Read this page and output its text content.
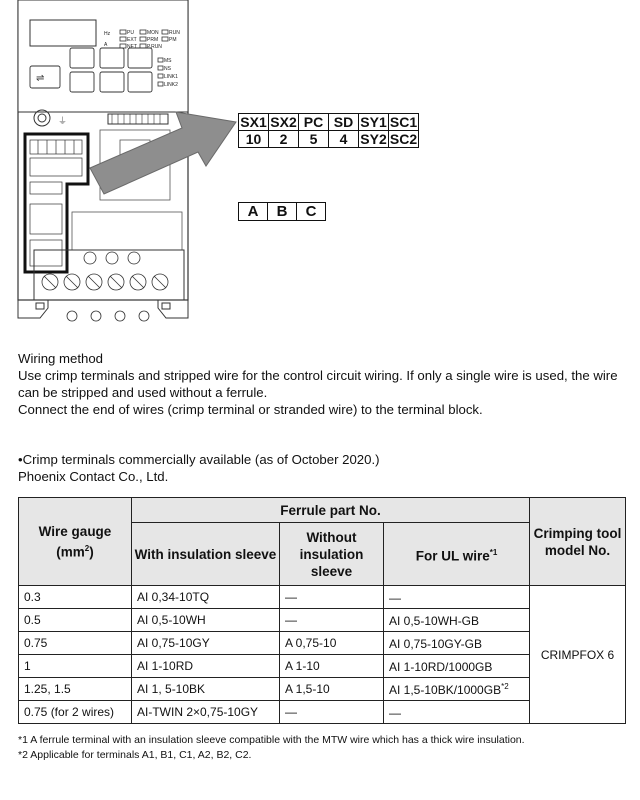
Hz
A
PU
EXT
NET
MON
PRM
P.RUN
RUN
PM
MS
NS
LINK1
LINK2
⇌
⏚	SX1	SX2	PC	SD	SY1	SC1
10	2	5	4	SY2	SC2
A	B	C
Wiring method
Use crimp terminals and stripped wire for the control circuit wiring. If only a single wire is used, the wire can be stripped and used without a ferrule.
Connect the end of wires (crimp terminal or stranded wire) to the terminal block.
•Crimp terminals commercially available (as of October 2020.)
Phoenix Contact Co., Ltd.
Wire gauge
$(mm^2)$	Ferrule part No.			Crimping tool model No.
	With insulation sleeve	Without insulation sleeve	For UL wire$^{*1}$
0.3	AI 0,34-10TQ	—	—	CRIMPFOX 6
0.5	AI 0,5-10WH	—	AI 0,5-10WH-GB	
0.75	AI 0,75-10GY	A 0,75-10	AI 0,75-10GY-GB	
1	AI 1-10RD	A 1-10	AI 1-10RD/1000GB	
1.25, 1.5	AI 1, 5-10BK	A 1,5-10	AI 1,5-10BK/1000GB$^{*2}$
0.75 (for 2 wires)	AI-TWIN 2×0,75-10GY	—	—	
*1 A ferrule terminal with an insulation sleeve compatible with the MTW wire which has a thick wire insulation.
*2 Applicable for terminals A1, B1, C1, A2, B2, C2.
